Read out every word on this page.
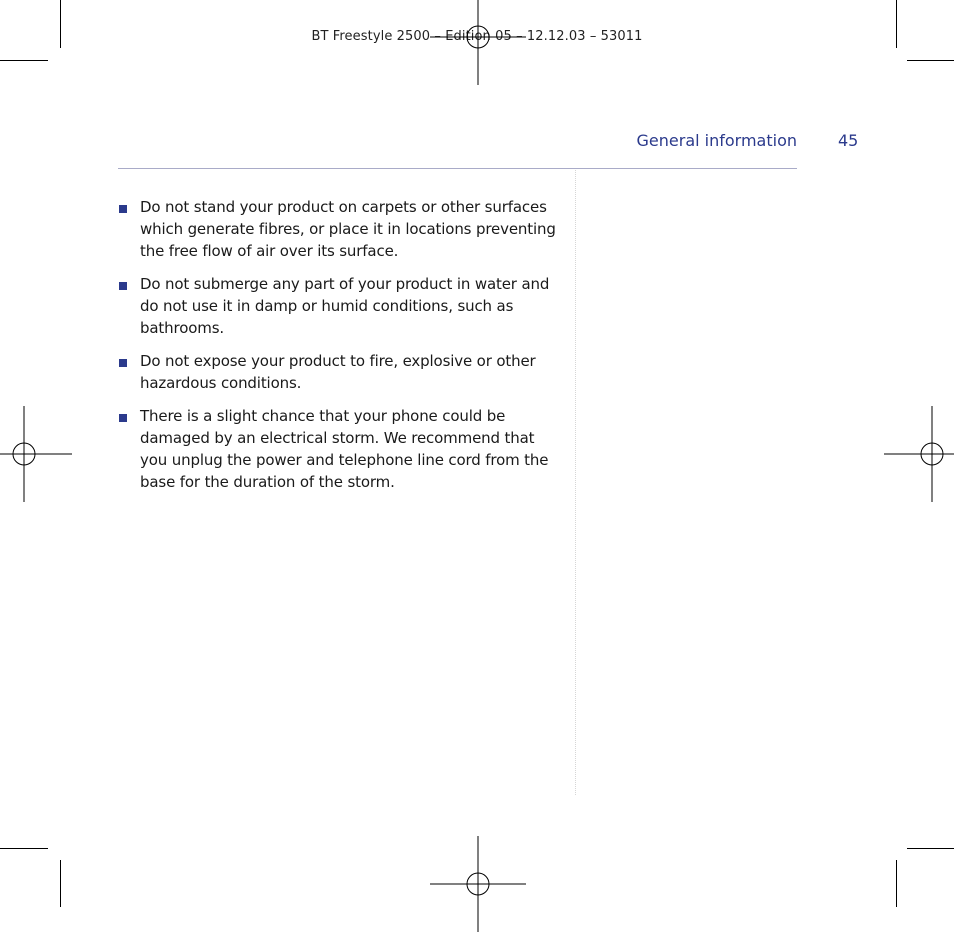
BT Freestyle 2500 – Edition 05 – 12.12.03 – 53011
General information	45
Do not stand your product on carpets or other surfaces which generate fibres, or place it in locations preventing the free flow of air over its surface.
Do not submerge any part of your product in water and do not use it in damp or humid conditions, such as bathrooms.
Do not expose your product to fire, explosive or other hazardous conditions.
There is a slight chance that your phone could be damaged by an electrical storm. We recommend that you unplug the power and telephone line cord from the base for the duration of the storm.
